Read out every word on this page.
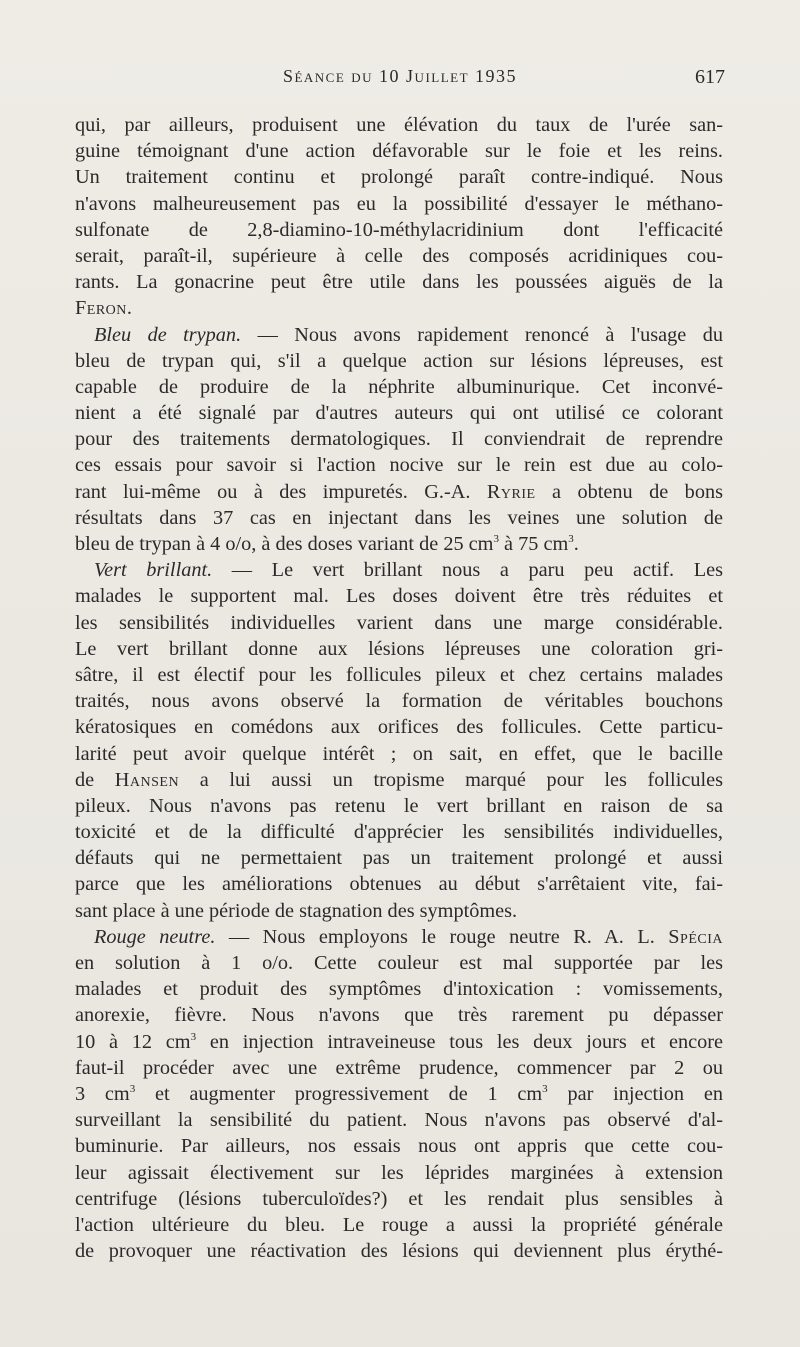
Séance du 10 Juillet 1935	617
qui, par ailleurs, produisent une élévation du taux de l'urée san-
guine témoignant d'une action défavorable sur le foie et les reins.
Un traitement continu et prolongé paraît contre-indiqué. Nous
n'avons malheureusement pas eu la possibilité d'essayer le méthano-
sulfonate de 2,8-diamino-10-méthylacridinium dont l'efficacité
serait, paraît-il, supérieure à celle des composés acridiniques cou-
rants. La gonacrine peut être utile dans les poussées aiguës de la
Feron.
Bleu de trypan. — Nous avons rapidement renoncé à l'usage du
bleu de trypan qui, s'il a quelque action sur lésions lépreuses, est
capable de produire de la néphrite albuminurique. Cet inconvé-
nient a été signalé par d'autres auteurs qui ont utilisé ce colorant
pour des traitements dermatologiques. Il conviendrait de reprendre
ces essais pour savoir si l'action nocive sur le rein est due au colo-
rant lui-même ou à des impuretés. G.-A. Ryrie a obtenu de bons
résultats dans 37 cas en injectant dans les veines une solution de
bleu de trypan à 4 o/o, à des doses variant de 25 $cm^3$ à 75 $cm^3$.
Vert brillant. — Le vert brillant nous a paru peu actif. Les
malades le supportent mal. Les doses doivent être très réduites et
les sensibilités individuelles varient dans une marge considérable.
Le vert brillant donne aux lésions lépreuses une coloration gri-
sâtre, il est électif pour les follicules pileux et chez certains malades
traités, nous avons observé la formation de véritables bouchons
kératosiques en comédons aux orifices des follicules. Cette particu-
larité peut avoir quelque intérêt ; on sait, en effet, que le bacille
de Hansen a lui aussi un tropisme marqué pour les follicules
pileux. Nous n'avons pas retenu le vert brillant en raison de sa
toxicité et de la difficulté d'apprécier les sensibilités individuelles,
défauts qui ne permettaient pas un traitement prolongé et aussi
parce que les améliorations obtenues au début s'arrêtaient vite, fai-
sant place à une période de stagnation des symptômes.
Rouge neutre. — Nous employons le rouge neutre R. A. L. Spécia
en solution à 1 o/o. Cette couleur est mal supportée par les
malades et produit des symptômes d'intoxication : vomissements,
anorexie, fièvre. Nous n'avons que très rarement pu dépasser
10 à 12 $cm^3$ en injection intraveineuse tous les deux jours et encore
faut-il procéder avec une extrême prudence, commencer par 2 ou
3 $cm^3$ et augmenter progressivement de 1 $cm^3$ par injection en
surveillant la sensibilité du patient. Nous n'avons pas observé d'al-
buminurie. Par ailleurs, nos essais nous ont appris que cette cou-
leur agissait électivement sur les léprides marginées à extension
centrifuge (lésions tuberculoïdes?) et les rendait plus sensibles à
l'action ultérieure du bleu. Le rouge a aussi la propriété générale
de provoquer une réactivation des lésions qui deviennent plus érythé-
